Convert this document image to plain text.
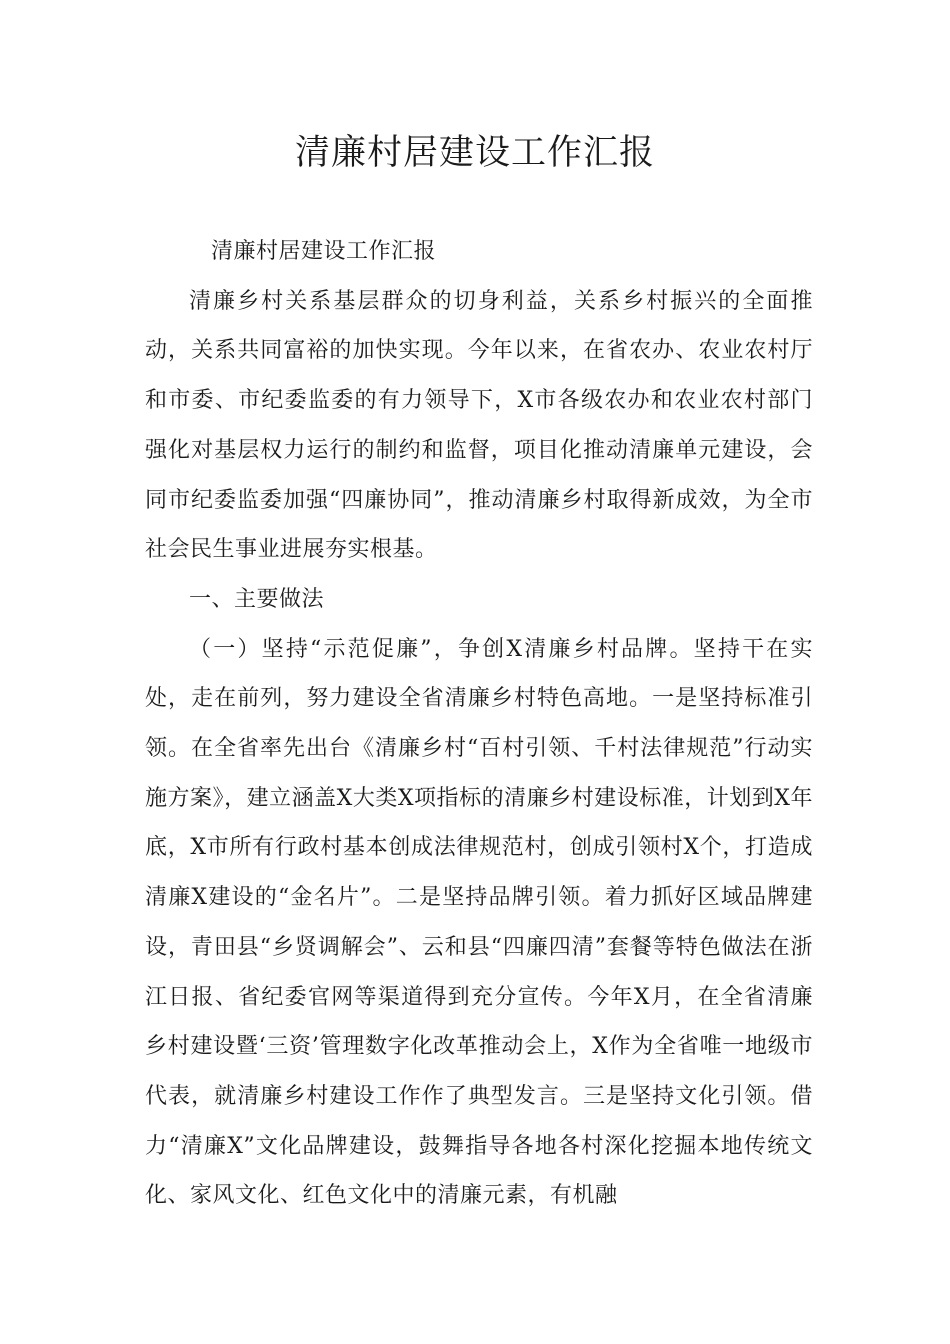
清廉村居建设工作汇报

清廉村居建设工作汇报

清廉乡村关系基层群众的切身利益，关系乡村振兴的全面推动，关系共同富裕的加快实现。今年以来，在省农办、农业农村厅和市委、市纪委监委的有力领导下，X市各级农办和农业农村部门强化对基层权力运行的制约和监督，项目化推动清廉单元建设，会同市纪委监委加强“四廉协同”，推动清廉乡村取得新成效，为全市社会民生事业进展夯实根基。

一、主要做法

（一）坚持“示范促廉”，争创X清廉乡村品牌。坚持干在实处，走在前列，努力建设全省清廉乡村特色高地。一是坚持标准引领。在全省率先出台《清廉乡村“百村引领、千村法律规范”行动实施方案》，建立涵盖X大类X项指标的清廉乡村建设标准，计划到X年底，X市所有行政村基本创成法律规范村，创成引领村X个，打造成清廉X建设的“金名片”。二是坚持品牌引领。着力抓好区域品牌建设，青田县“乡贤调解会”、云和县“四廉四清”套餐等特色做法在浙江日报、省纪委官网等渠道得到充分宣传。今年X月，在全省清廉乡村建设暨‘三资’管理数字化改革推动会上，X作为全省唯一地级市代表，就清廉乡村建设工作作了典型发言。三是坚持文化引领。借力“清廉X”文化品牌建设，鼓舞指导各地各村深化挖掘本地传统文化、家风文化、红色文化中的清廉元素，有机融
